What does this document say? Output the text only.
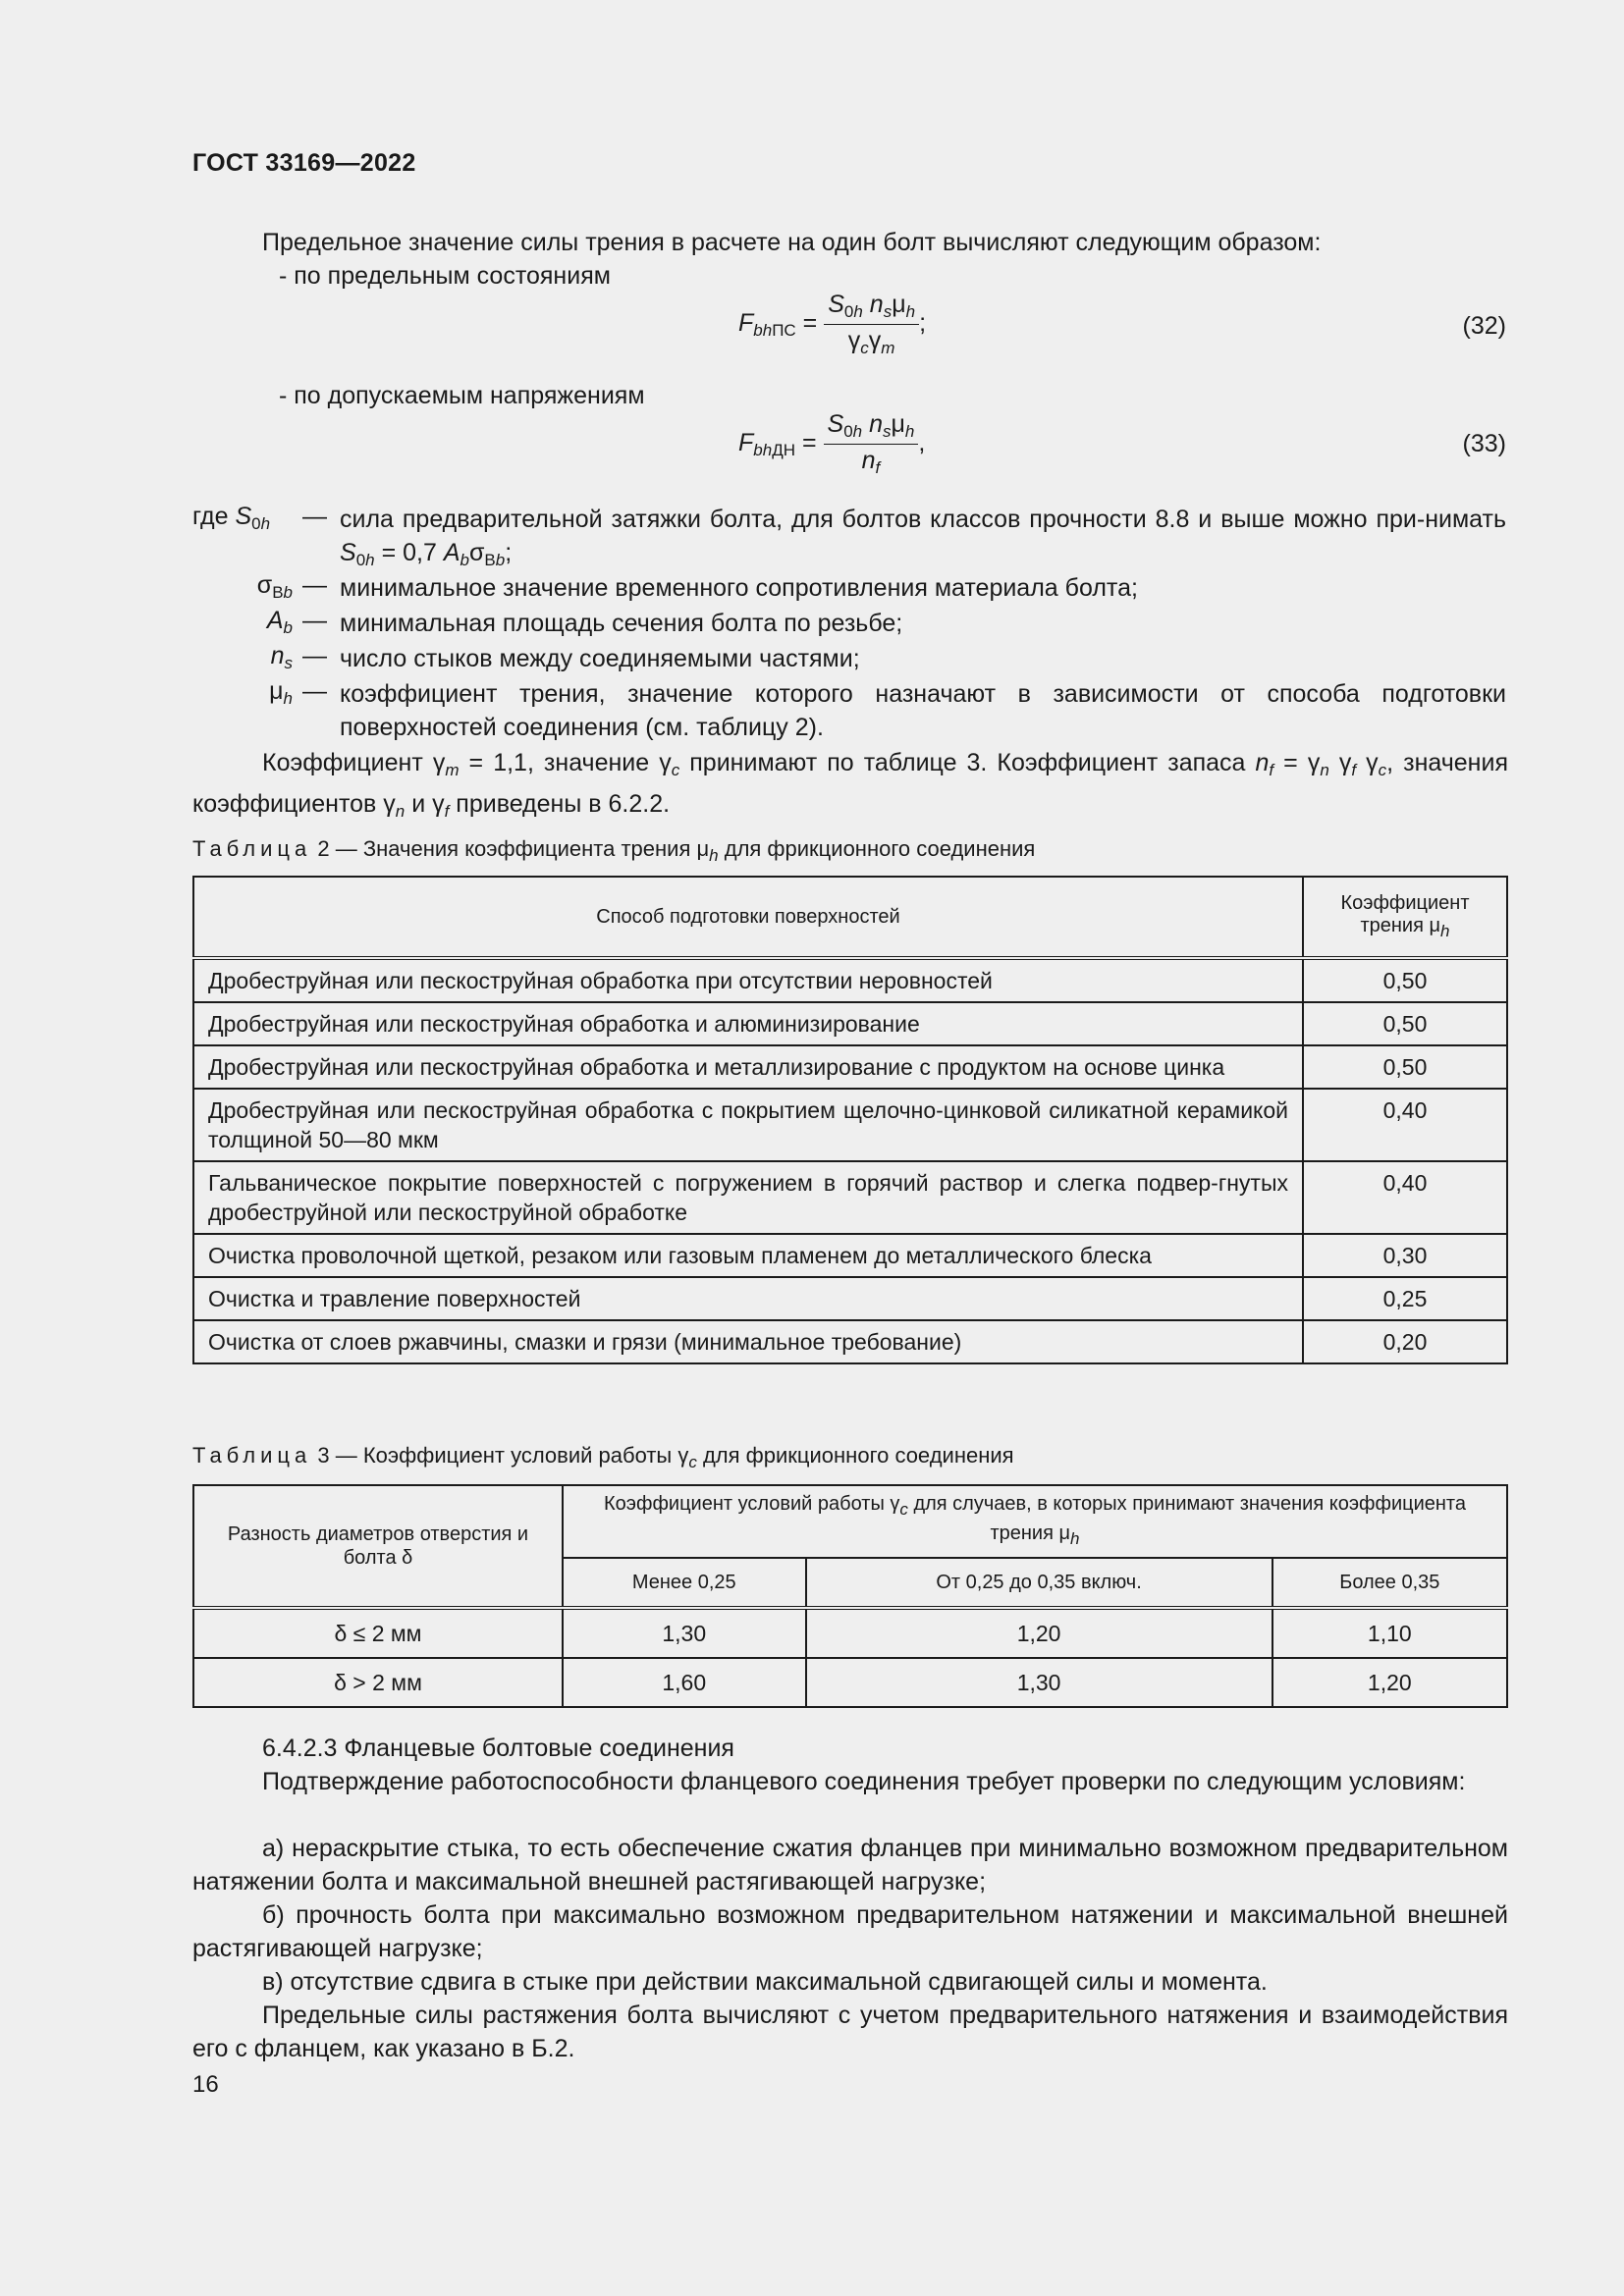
ГОСТ 33169—2022
Предельное значение силы трения в расчете на один болт вычисляют следующим образом:
- по предельным состояниям
$F_{bhПС} = \frac{S_{0h} n_s\mu_h}{\gamma_c\gamma_m}$ ;	(32)
- по допускаемым напряжениям
$F_{bhДН} = \frac{S_{0h} n_s\mu_h}{n_f}$ ,	(33)
где $S_{0h}$	— сила предварительной затяжки болта, для болтов классов прочности 8.8 и выше можно при-нимать $S_{0h} = 0,7$ $A_b\sigma_{Bb}$;
$\sigma_{Bb}$ — минимальное значение временного сопротивления материала болта;
$A_b$ — минимальная площадь сечения болта по резьбе;
$n_s$ — число стыков между соединяемыми частями;
$\mu_h$ — коэффициент трения, значение которого назначают в зависимости от способа подготовки поверхностей соединения (см. таблицу 2).
Коэффициент $\gamma_m = 1,1$, значение $\gamma_c$ принимают по таблице 3. Коэффициент запаса $n_f = \gamma_n$ $\gamma_f$ $\gamma_c$, значения коэффициентов $\gamma_n$ и $\gamma_f$ приведены в 6.2.2.
Таблица 2 — Значения коэффициента трения $\mu_h$ для фрикционного соединения
Способ подготовки поверхностей	Коэффициент
трения $\mu_h$
Дробеструйная или пескоструйная обработка при отсутствии неровностей	0,50
Дробеструйная или пескоструйная обработка и алюминизирование	0,50
Дробеструйная или пескоструйная обработка и металлизирование с продуктом на основе цинка	0,50
Дробеструйная или пескоструйная обработка с покрытием щелочно-цинковой силикатной керамикой толщиной 50—80 мкм	0,40
Гальваническое покрытие поверхностей с погружением в горячий раствор и слегка подвер-гнутых дробеструйной или пескоструйной обработке	0,40
Очистка проволочной щеткой, резаком или газовым пламенем до металлического блеска	0,30
Очистка и травление поверхностей	0,25
Очистка от слоев ржавчины, смазки и грязи (минимальное требование)	0,20
Таблица 3 — Коэффициент условий работы $\gamma_c$ для фрикционного соединения
Разность диаметров отверстия и болта δ	Коэффициент условий работы $\gamma_c$ для случаев, в которых принимают значения коэффициента трения $\mu_h$
	Менее 0,25	От 0,25 до 0,35 включ.	Более 0,35
δ ≤ 2 мм	1,30	1,20	1,10
δ > 2 мм	1,60	1,30	1,20
6.4.2.3 Фланцевые болтовые соединения
Подтверждение работоспособности фланцевого соединения требует проверки по следующим условиям:
а) нераскрытие стыка, то есть обеспечение сжатия фланцев при минимально возможном предварительном натяжении болта и максимальной внешней растягивающей нагрузке;
б) прочность болта при максимально возможном предварительном натяжении и максимальной внешней растягивающей нагрузке;
в) отсутствие сдвига в стыке при действии максимальной сдвигающей силы и момента.
Предельные силы растяжения болта вычисляют с учетом предварительного натяжения и взаимодействия его с фланцем, как указано в Б.2.
16
